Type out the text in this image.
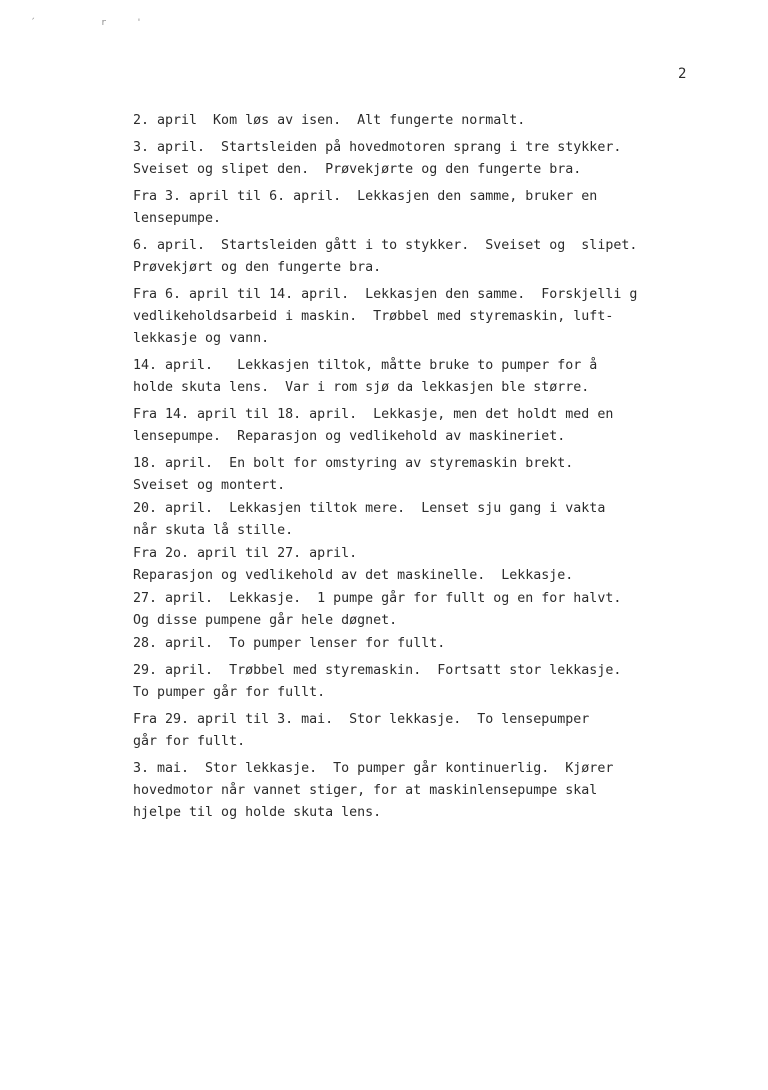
´ r'
2
2. april  Kom løs av isen.  Alt fungerte normalt.
3. april.  Startsleiden på hovedmotoren sprang i tre stykker.
Sveiset og slipet den.  Prøvekjørte og den fungerte bra.
Fra 3. april til 6. april.  Lekkasjen den samme, bruker en
lensepumpe.
6. april.  Startsleiden gått i to stykker.  Sveiset og  slipet.
Prøvekjørt og den fungerte bra.
Fra 6. april til 14. april.  Lekkasjen den samme.  Forskjelli g
vedlikeholdsarbeid i maskin.  Trøbbel med styremaskin, luft-
lekkasje og vann.
14. april.   Lekkasjen tiltok, måtte bruke to pumper for å
holde skuta lens.  Var i rom sjø da lekkasjen ble større.
Fra 14. april til 18. april.  Lekkasje, men det holdt med en
lensepumpe.  Reparasjon og vedlikehold av maskineriet.
18. april.  En bolt for omstyring av styremaskin brekt.
Sveiset og montert.
20. april.  Lekkasjen tiltok mere.  Lenset sju gang i vakta
når skuta lå stille.
Fra 2o. april til 27. april.
Reparasjon og vedlikehold av det maskinelle.  Lekkasje.
27. april.  Lekkasje.  1 pumpe går for fullt og en for halvt.
Og disse pumpene går hele døgnet.
28. april.  To pumper lenser for fullt.
29. april.  Trøbbel med styremaskin.  Fortsatt stor lekkasje.
To pumper går for fullt.
Fra 29. april til 3. mai.  Stor lekkasje.  To lensepumper
går for fullt.
3. mai.  Stor lekkasje.  To pumper går kontinuerlig.  Kjører
hovedmotor når vannet stiger, for at maskinlensepumpe skal
hjelpe til og holde skuta lens.
